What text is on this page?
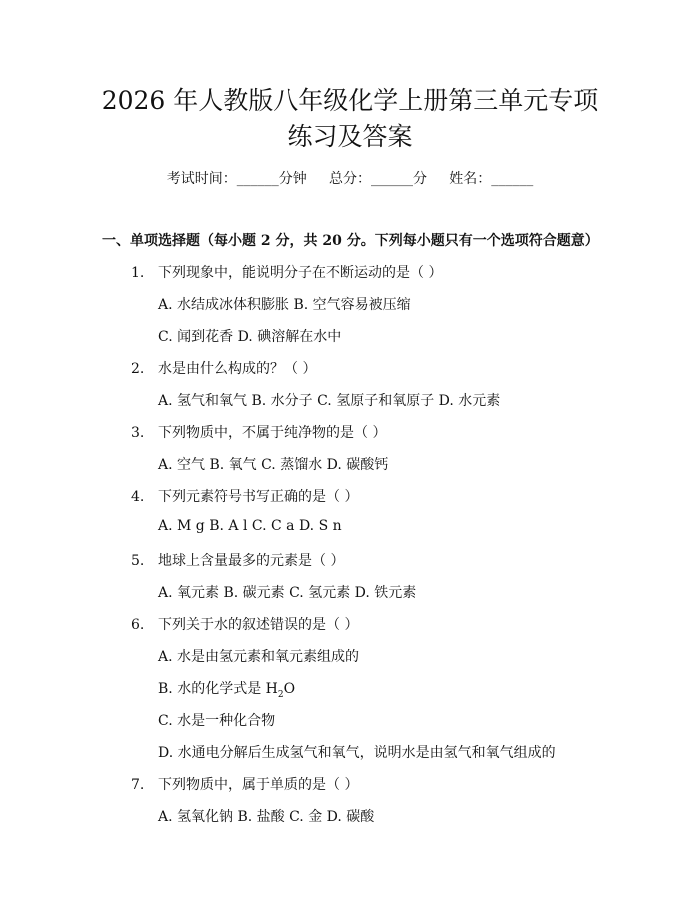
2026 年人教版八年级化学上册第三单元专项
练习及答案
考试时间：______分钟     总分：______分     姓名：______
一、单项选择题（每小题 2 分，共 20 分。下列每小题只有一个选项符合题意）
1. 下列现象中，能说明分子在不断运动的是（ ）
A. 水结成冰体积膨胀 B. 空气容易被压缩
C. 闻到花香 D. 碘溶解在水中
2. 水是由什么构成的？（ ）
A. 氢气和氧气 B. 水分子 C. 氢原子和氧原子 D. 水元素
3. 下列物质中，不属于纯净物的是（ ）
A. 空气 B. 氧气 C. 蒸馏水 D. 碳酸钙
4. 下列元素符号书写正确的是（ ）
A. M g B. A l C. C a D. S n
5. 地球上含量最多的元素是（ ）
A. 氧元素 B. 碳元素 C. 氢元素 D. 铁元素
6. 下列关于水的叙述错误的是（ ）
A. 水是由氢元素和氧元素组成的
B. 水的化学式是 $H_2O$
C. 水是一种化合物
D. 水通电分解后生成氢气和氧气，说明水是由氢气和氧气组成的
7. 下列物质中，属于单质的是（ ）
A. 氢氧化钠 B. 盐酸 C. 金 D. 碳酸
